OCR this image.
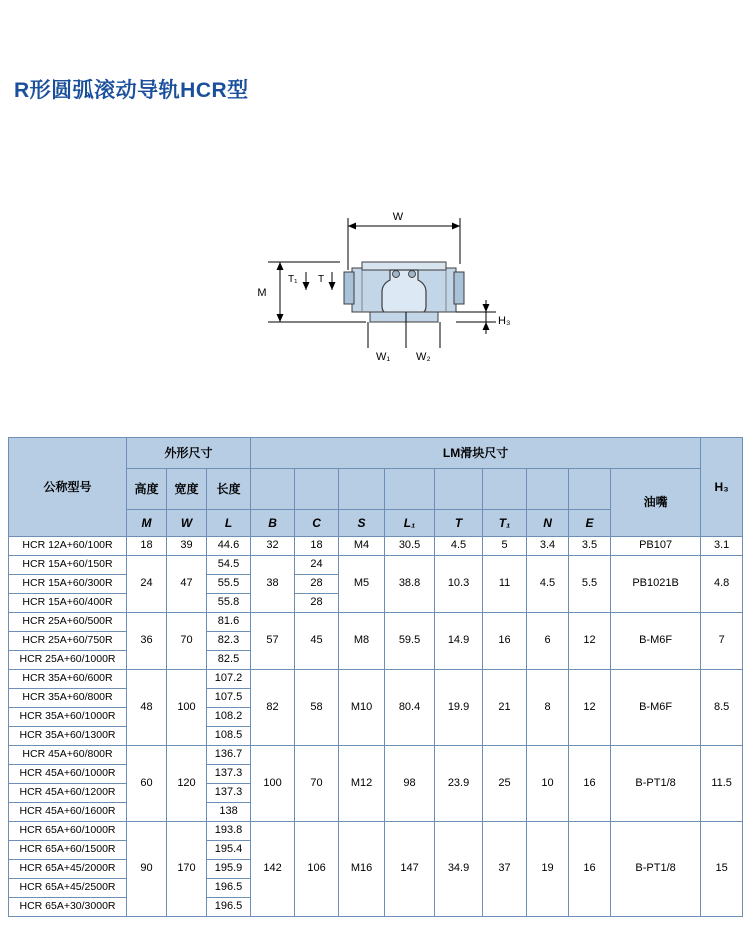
R形圆弧滚动导轨HCR型
W
M
T₁ T
H₃
W₁ W₂
公称型号	外形尺寸			LM滑块尺寸									H₃
	高度	宽度	长度									油嘴	
	M	W	L	B	C	S	L₁	T	T₁	N	E		
HCR 12A+60/100R	18	39	44.6	32	18	M4	30.5	4.5	5	3.4	3.5	PB107	3.1
HCR 15A+60/150R	24	47	54.5	38	24	M5	38.8	10.3	11	4.5	5.5	PB1021B	4.8
HCR 15A+60/300R			55.5		28								
HCR 15A+60/400R			55.8		28								
HCR 25A+60/500R	36	70	81.6	57	45	M8	59.5	14.9	16	6	12	B-M6F	7
HCR 25A+60/750R			82.3										
HCR 25A+60/1000R			82.5										
HCR 35A+60/600R	48	100	107.2	82	58	M10	80.4	19.9	21	8	12	B-M6F	8.5
HCR 35A+60/800R			107.5										
HCR 35A+60/1000R			108.2										
HCR 35A+60/1300R			108.5										
HCR 45A+60/800R	60	120	136.7	100	70	M12	98	23.9	25	10	16	B-PT1/8	11.5
HCR 45A+60/1000R			137.3										
HCR 45A+60/1200R			137.3										
HCR 45A+60/1600R			138										
HCR 65A+60/1000R	90	170	193.8	142	106	M16	147	34.9	37	19	16	B-PT1/8	15
HCR 65A+60/1500R			195.4										
HCR 65A+45/2000R			195.9										
HCR 65A+45/2500R			196.5										
HCR 65A+30/3000R			196.5										
